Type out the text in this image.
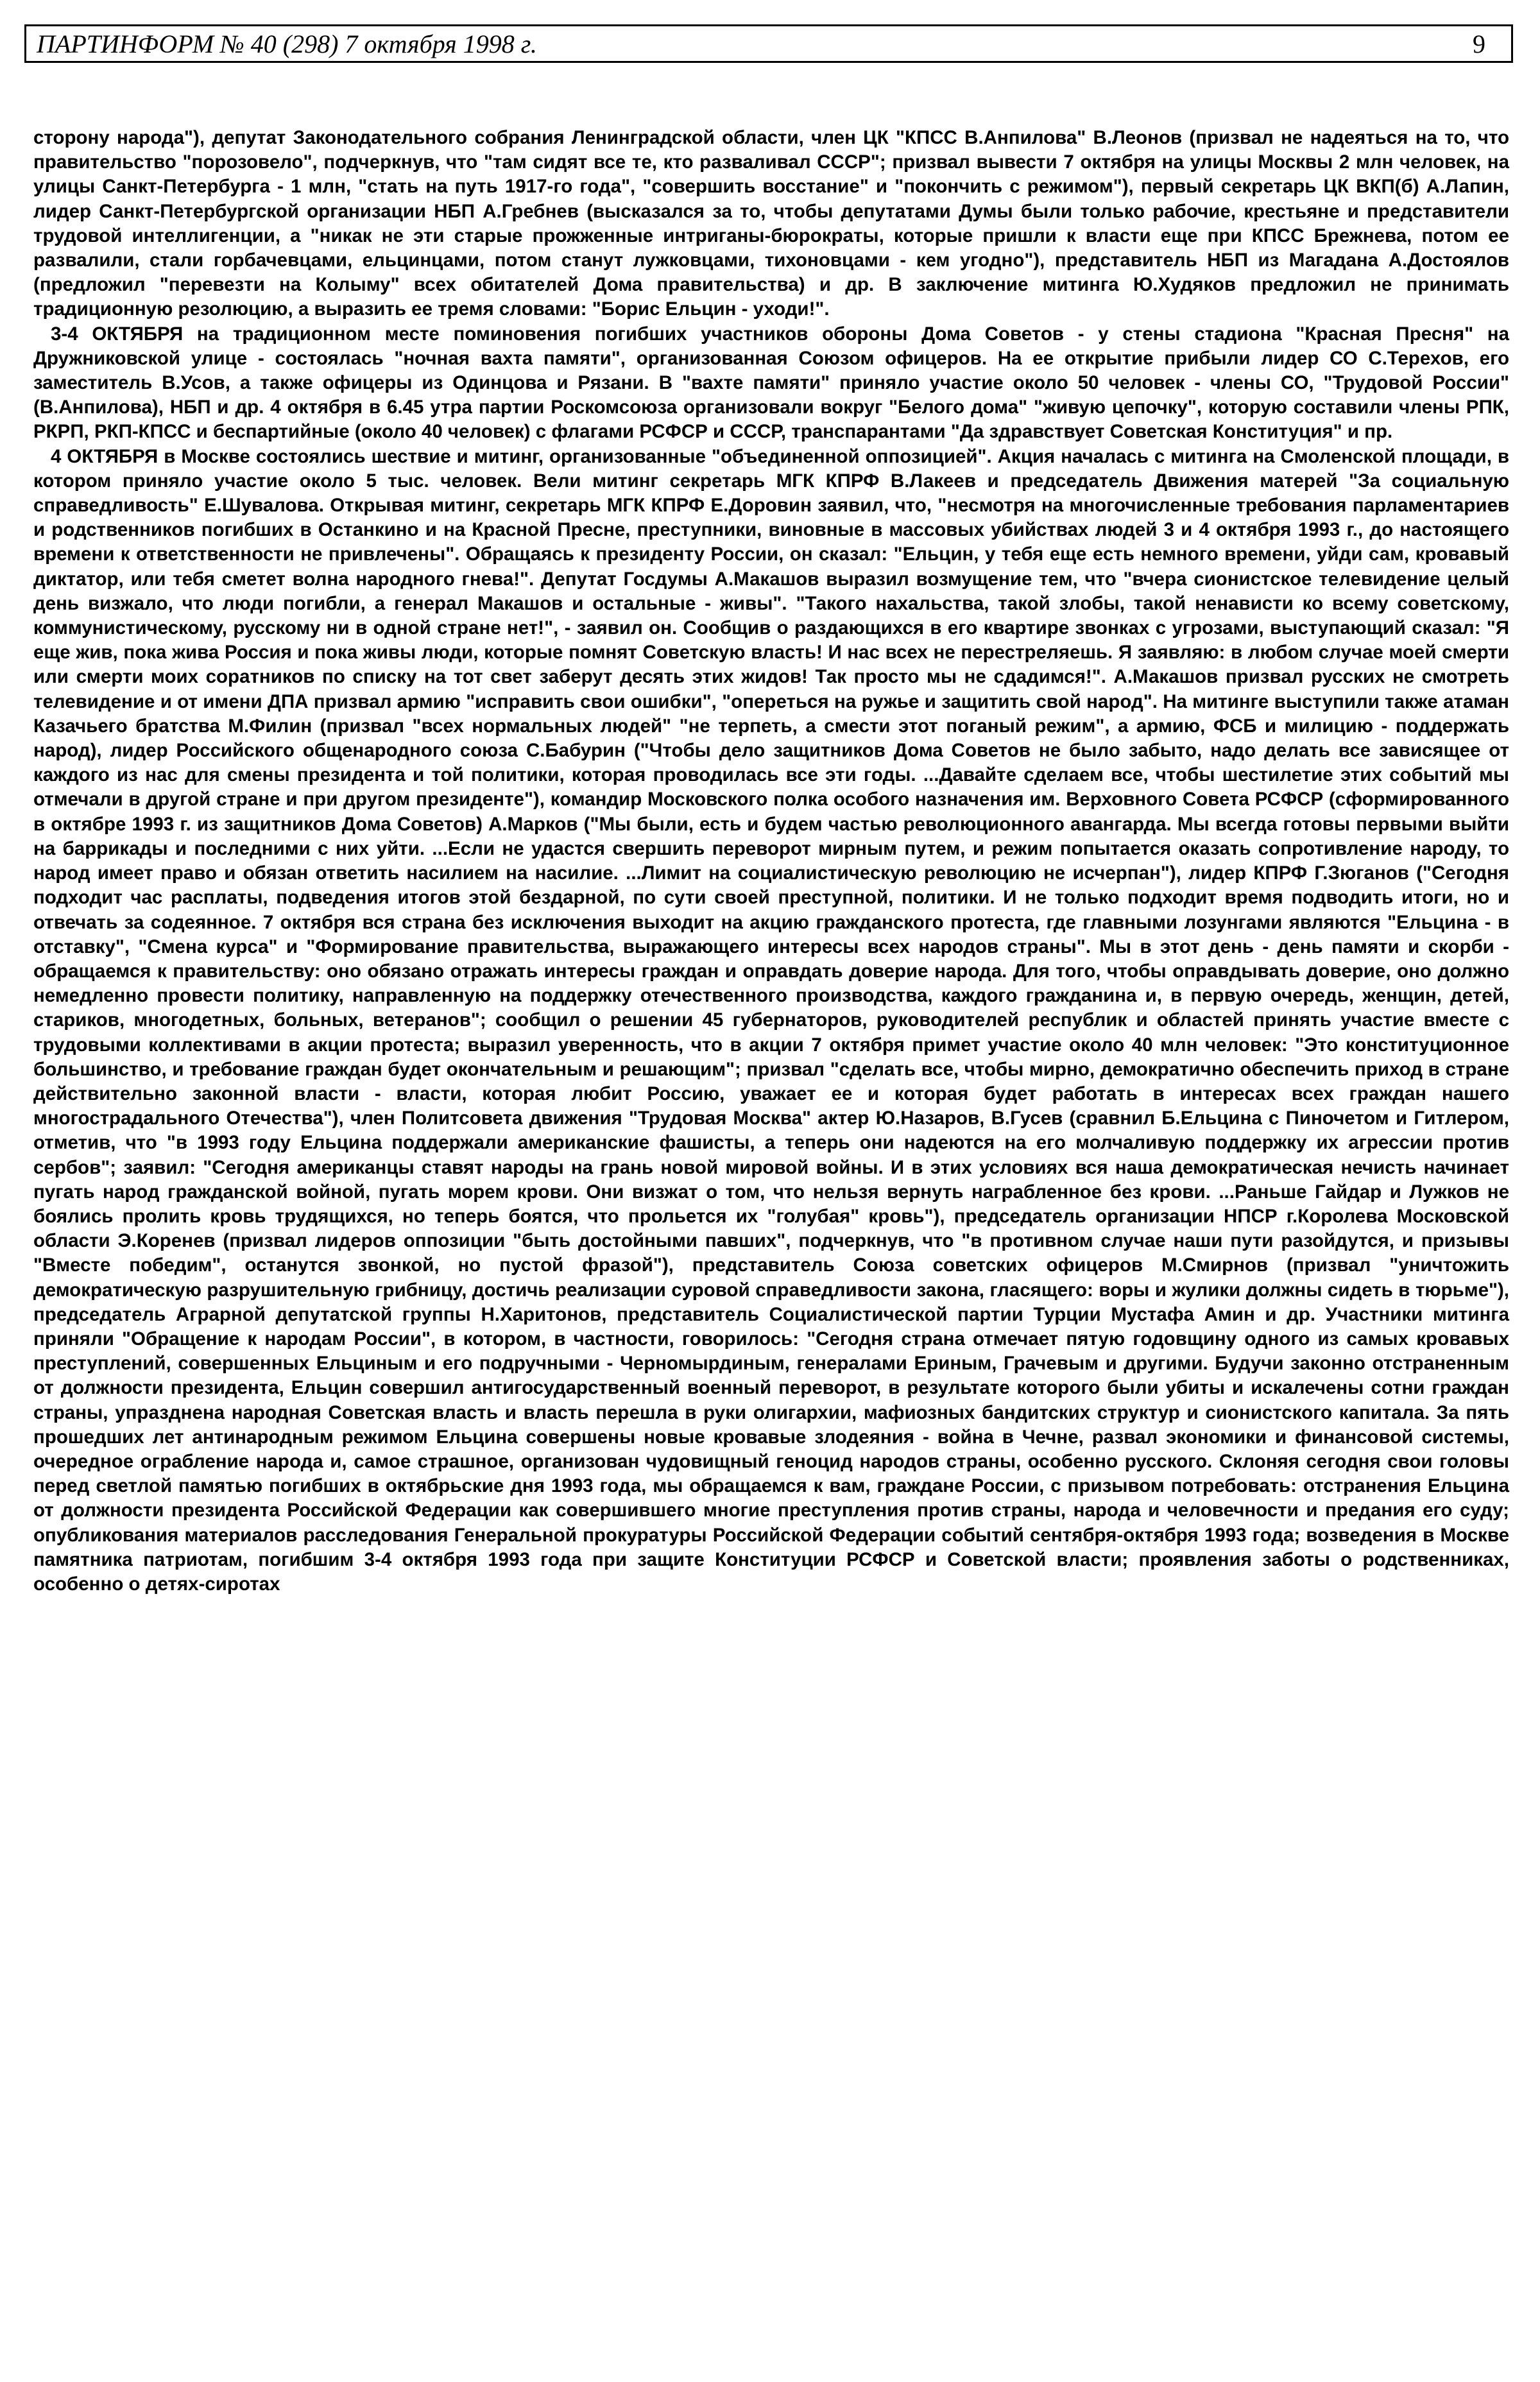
ПАРТИНФОРМ № 40 (298) 7 октября 1998 г.	9

сторону народа"), депутат Законодательного собрания Ленинградской области, член ЦК "КПСС В.Анпилова" В.Леонов (призвал не надеяться на то, что правительство "порозовело", подчеркнув, что "там сидят все те, кто разваливал СССР"; призвал вывести 7 октября на улицы Москвы 2 млн человек, на улицы Санкт-Петербурга - 1 млн, "стать на путь 1917-го года", "совершить восстание" и "покончить с режимом"), первый секретарь ЦК ВКП(б) А.Лапин, лидер Санкт-Петербургской организации НБП А.Гребнев (высказался за то, чтобы депутатами Думы были только рабочие, крестьяне и представители трудовой интеллигенции, а "никак не эти старые прожженные интриганы-бюрократы, которые пришли к власти еще при КПСС Брежнева, потом ее развалили, стали горбачевцами, ельцинцами, потом станут лужковцами, тихоновцами - кем угодно"), представитель НБП из Магадана А.Достоялов (предложил "перевезти на Колыму" всех обитателей Дома правительства) и др. В заключение митинга Ю.Худяков предложил не принимать традиционную резолюцию, а выразить ее тремя словами: "Борис Ельцин - уходи!".

3-4 ОКТЯБРЯ на традиционном месте поминовения погибших участников обороны Дома Советов - у стены стадиона "Красная Пресня" на Дружниковской улице - состоялась "ночная вахта памяти", организованная Союзом офицеров. На ее открытие прибыли лидер СО С.Терехов, его заместитель В.Усов, а также офицеры из Одинцова и Рязани. В "вахте памяти" приняло участие около 50 человек - члены СО, "Трудовой России" (В.Анпилова), НБП и др. 4 октября в 6.45 утра партии Роскомсоюза организовали вокруг "Белого дома" "живую цепочку", которую составили члены РПК, РКРП, РКП-КПСС и беспартийные (около 40 человек) с флагами РСФСР и СССР, транспарантами "Да здравствует Советская Конституция" и пр.

4 ОКТЯБРЯ в Москве состоялись шествие и митинг, организованные "объединенной оппозицией". Акция началась с митинга на Смоленской площади, в котором приняло участие около 5 тыс. человек. Вели митинг секретарь МГК КПРФ В.Лакеев и председатель Движения матерей "За социальную справедливость" Е.Шувалова. Открывая митинг, секретарь МГК КПРФ Е.Доровин заявил, что, "несмотря на многочисленные требования парламентариев и родственников погибших в Останкино и на Красной Пресне, преступники, виновные в массовых убийствах людей 3 и 4 октября 1993 г., до настоящего времени к ответственности не привлечены". Обращаясь к президенту России, он сказал: "Ельцин, у тебя еще есть немного времени, уйди сам, кровавый диктатор, или тебя сметет волна народного гнева!". Депутат Госдумы А.Макашов выразил возмущение тем, что "вчера сионистское телевидение целый день визжало, что люди погибли, а генерал Макашов и остальные - живы". "Такого нахальства, такой злобы, такой ненависти ко всему советскому, коммунистическому, русскому ни в одной стране нет!", - заявил он. Сообщив о раздающихся в его квартире звонках с угрозами, выступающий сказал: "Я еще жив, пока жива Россия и пока живы люди, которые помнят Советскую власть! И нас всех не перестреляешь. Я заявляю: в любом случае моей смерти или смерти моих соратников по списку на тот свет заберут десять этих жидов! Так просто мы не сдадимся!". А.Макашов призвал русских не смотреть телевидение и от имени ДПА призвал армию "исправить свои ошибки", "опереться на ружье и защитить свой народ". На митинге выступили также атаман Казачьего братства М.Филин (призвал "всех нормальных людей" "не терпеть, а смести этот поганый режим", а армию, ФСБ и милицию - поддержать народ), лидер Российского общенародного союза С.Бабурин ("Чтобы дело защитников Дома Советов не было забыто, надо делать все зависящее от каждого из нас для смены президента и той политики, которая проводилась все эти годы. ...Давайте сделаем все, чтобы шестилетие этих событий мы отмечали в другой стране и при другом президенте"), командир Московского полка особого назначения им. Верховного Совета РСФСР (сформированного в октябре 1993 г. из защитников Дома Советов) А.Марков ("Мы были, есть и будем частью революционного авангарда. Мы всегда готовы первыми выйти на баррикады и последними с них уйти. ...Если не удастся свершить переворот мирным путем, и режим попытается оказать сопротивление народу, то народ имеет право и обязан ответить насилием на насилие. ...Лимит на социалистическую революцию не исчерпан"), лидер КПРФ Г.Зюганов ("Сегодня подходит час расплаты, подведения итогов этой бездарной, по сути своей преступной, политики. И не только подходит время подводить итоги, но и отвечать за содеянное. 7 октября вся страна без исключения выходит на акцию гражданского протеста, где главными лозунгами являются "Ельцина - в отставку", "Смена курса" и "Формирование правительства, выражающего интересы всех народов страны". Мы в этот день - день памяти и скорби - обращаемся к правительству: оно обязано отражать интересы граждан и оправдать доверие народа. Для того, чтобы оправдывать доверие, оно должно немедленно провести политику, направленную на поддержку отечественного производства, каждого гражданина и, в первую очередь, женщин, детей, стариков, многодетных, больных, ветеранов"; сообщил о решении 45 губернаторов, руководителей республик и областей принять участие вместе с трудовыми коллективами в акции протеста; выразил уверенность, что в акции 7 октября примет участие около 40 млн человек: "Это конституционное большинство, и требование граждан будет окончательным и решающим"; призвал "сделать все, чтобы мирно, демократично обеспечить приход в стране действительно законной власти - власти, которая любит Россию, уважает ее и которая будет работать в интересах всех граждан нашего многострадального Отечества"), член Политсовета движения "Трудовая Москва" актер Ю.Назаров, В.Гусев (сравнил Б.Ельцина с Пиночетом и Гитлером, отметив, что "в 1993 году Ельцина поддержали американские фашисты, а теперь они надеются на его молчаливую поддержку их агрессии против сербов"; заявил: "Сегодня американцы ставят народы на грань новой мировой войны. И в этих условиях вся наша демократическая нечисть начинает пугать народ гражданской войной, пугать морем крови. Они визжат о том, что нельзя вернуть награбленное без крови. ...Раньше Гайдар и Лужков не боялись пролить кровь трудящихся, но теперь боятся, что прольется их "голубая" кровь"), председатель организации НПСР г.Королева Московской области Э.Коренев (призвал лидеров оппозиции "быть достойными павших", подчеркнув, что "в противном случае наши пути разойдутся, и призывы "Вместе победим", останутся звонкой, но пустой фразой"), представитель Союза советских офицеров М.Смирнов (призвал "уничтожить демократическую разрушительную грибницу, достичь реализации суровой справедливости закона, гласящего: воры и жулики должны сидеть в тюрьме"), председатель Аграрной депутатской группы Н.Харитонов, представитель Социалистической партии Турции Мустафа Амин и др. Участники митинга приняли "Обращение к народам России", в котором, в частности, говорилось: "Сегодня страна отмечает пятую годовщину одного из самых кровавых преступлений, совершенных Ельциным и его подручными - Черномырдиным, генералами Ериным, Грачевым и другими. Будучи законно отстраненным от должности президента, Ельцин совершил антигосударственный военный переворот, в результате которого были убиты и искалечены сотни граждан страны, упразднена народная Советская власть и власть перешла в руки олигархии, мафиозных бандитских структур и сионистского капитала. За пять прошедших лет антинародным режимом Ельцина совершены новые кровавые злодеяния - война в Чечне, развал экономики и финансовой системы, очередное ограбление народа и, самое страшное, организован чудовищный геноцид народов страны, особенно русского. Склоняя сегодня свои головы перед светлой памятью погибших в октябрьские дня 1993 года, мы обращаемся к вам, граждане России, с призывом потребовать: отстранения Ельцина от должности президента Российской Федерации как совершившего многие преступления против страны, народа и человечности и предания его суду; опубликования материалов расследования Генеральной прокуратуры Российской Федерации событий сентября-октября 1993 года; возведения в Москве памятника патриотам, погибшим 3-4 октября 1993 года при защите Конституции РСФСР и Советской власти; проявления заботы о родственниках, особенно о детях-сиротах
